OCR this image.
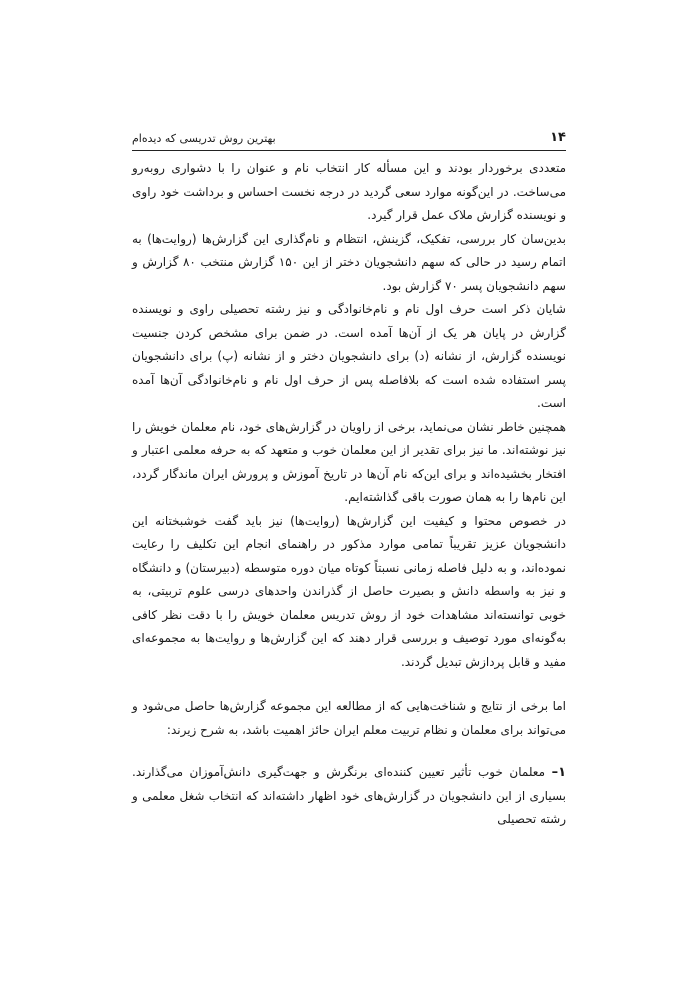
بهترین روش تدریسی که دیده‌ام	۱۴

متعددی برخوردار بودند و این مسأله کار انتخاب نام و عنوان را با دشواری روبه‌رو می‌ساخت. در این‌گونه موارد سعی گردید در درجه نخست احساس و برداشت خود راوی و نویسنده گزارش ملاک عمل قرار گیرد.

بدین‌سان کار بررسی، تفکیک، گزینش، انتظام و نام‌گذاری این گزارش‌ها (روایت‌ها) به اتمام رسید در حالی که سهم دانشجویان دختر از این ۱۵۰ گزارش منتخب ۸۰ گزارش و سهم دانشجویان پسر ۷۰ گزارش بود.

شایان ذکر است حرف اول نام و نام‌خانوادگی و نیز رشته تحصیلی راوی و نویسنده گزارش در پایان هر یک از آن‌ها آمده است. در ضمن برای مشخص کردن جنسیت نویسنده گزارش، از نشانه (د) برای دانشجویان دختر و از نشانه (پ) برای دانشجویان پسر استفاده شده است که بلافاصله پس از حرف اول نام و نام‌خانوادگی آن‌ها آمده است.

همچنین خاطر نشان می‌نماید، برخی از راویان در گزارش‌های خود، نام معلمان خویش را نیز نوشته‌اند. ما نیز برای تقدیر از این معلمان خوب و متعهد که به حرفه معلمی اعتبار و افتخار بخشیده‌اند و برای این‌که نام آن‌ها در تاریخ آموزش و پرورش ایران ماندگار گردد، این نام‌ها را به همان صورت باقی گذاشته‌ایم.

در خصوص محتوا و کیفیت این گزارش‌ها (روایت‌ها) نیز باید گفت خوشبختانه این دانشجویان عزیز تقریباً تمامی موارد مذکور در راهنمای انجام این تکلیف را رعایت نموده‌اند، و به دلیل فاصله زمانی نسبتاً کوتاه میان دوره متوسطه (دبیرستان) و دانشگاه و نیز به واسطه دانش و بصیرت حاصل از گذراندن واحدهای درسی علوم تربیتی، به خوبی توانسته‌اند مشاهدات خود از روش تدریس معلمان خویش را با دقت نظر کافی به‌گونه‌ای مورد توصیف و بررسی قرار دهند که این گزارش‌ها و روایت‌ها به مجموعه‌ای مفید و قابل پردازش تبدیل گردند.

اما برخی از نتایج و شناخت‌هایی که از مطالعه این مجموعه گزارش‌ها حاصل می‌شود و می‌تواند برای معلمان و نظام تربیت معلم ایران حائز اهمیت باشد، به شرح زیرند:

۱– معلمان خوب تأثیر تعیین کننده‌ای برنگرش و جهت‌گیری دانش‌آموزان می‌گذارند. بسیاری از این دانشجویان در گزارش‌های خود اظهار داشته‌اند که انتخاب شغل معلمی و رشته تحصیلی
